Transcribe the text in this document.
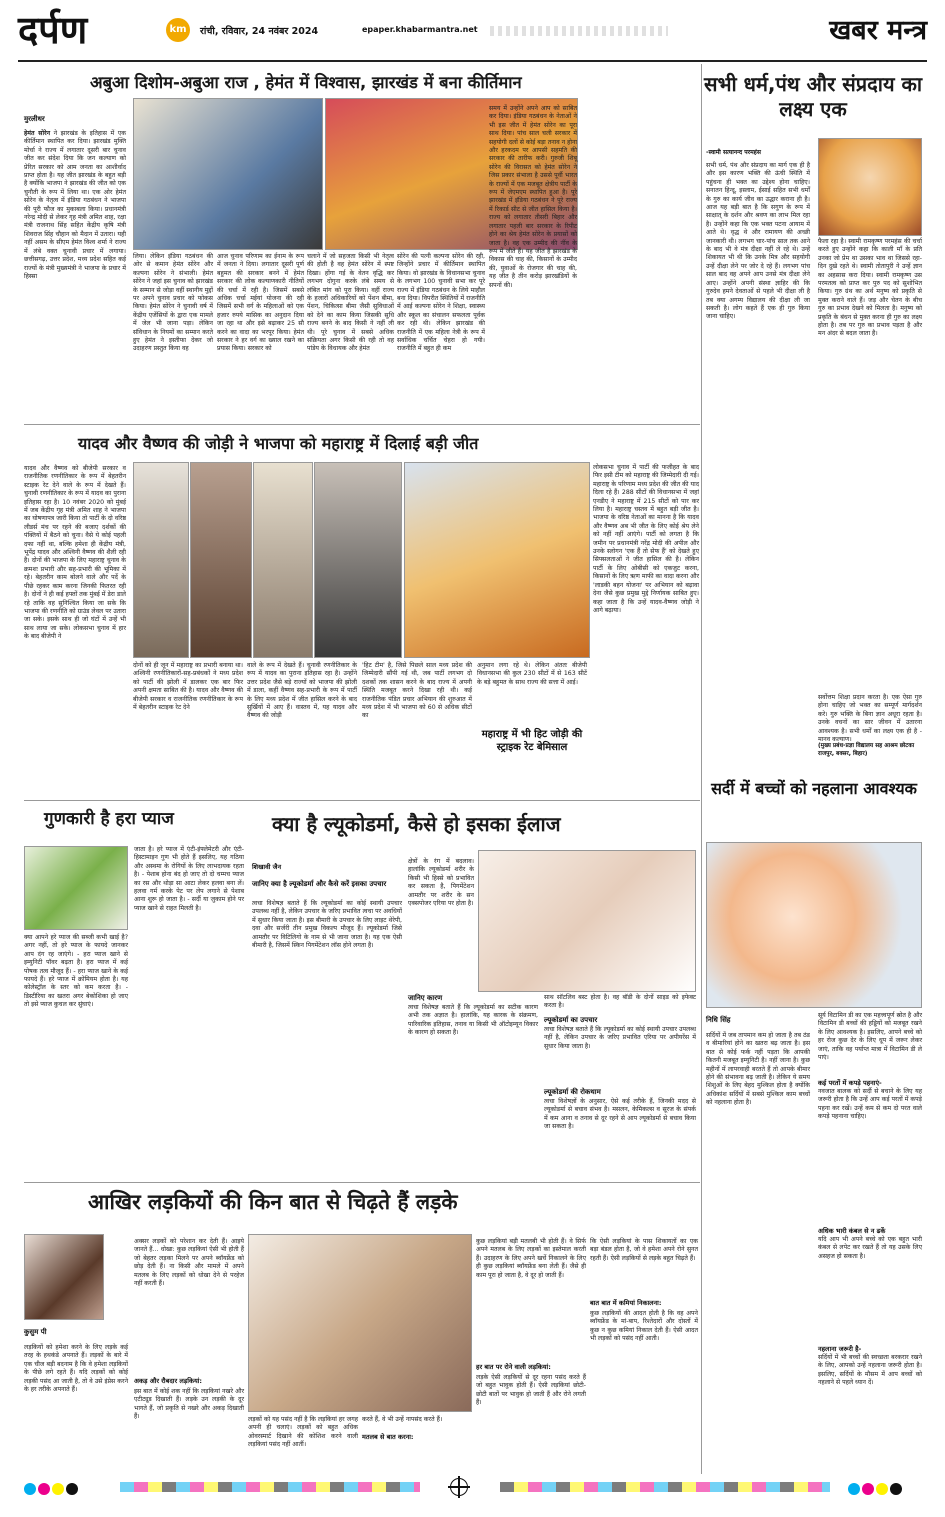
दर्पण	km	रांची, रविवार, 24 नवंबर 2024	epaper.khabarmantra.net	खबर मन्त्र
अबुआ दिशोम-अबुआ राज , हेमंत में विश्वास, झारखंड में बना कीर्तिमान
मुरलीधर
हेमंत सोरेन ने झारखंड के इतिहास में एक कीर्तिमान स्थापित कर दिया। झारखंड मुक्ति मोर्चा ने राज्य में लगातार दूसरी बार चुनाव जीत कर संदेश दिया कि जन कल्याण को प्रेरित सरकार को आम जनता का आशीर्वाद प्राप्त होता है। यह जीत झारखंड के बहुत बड़ी है क्योंकि भाजपा ने झारखंड की जीत को एक चुनौती के रूप में लिया था। एक ओर हेमंत सोरेन के नेतृत्व में इंडिया गठबंधन ने भाजपा की पूरी फौज का मुकाबला किया। प्रधानमंत्री नरेन्द्र मोदी से लेकर गृह मंत्री अमित शाह, रक्षा मंत्री राजनाथ सिंह सहित केंद्रीय कृषि मंत्री शिवराज सिंह चौहान को मैदान में उतारा। यही नहीं असम के सीएम हेमंत विश्व शर्मा ने राज्य में लंबे वक्त चुनावी प्रचार में लगाया। छत्तीसगढ़, उत्तर प्रदेश, मध्य प्रदेश सहित कई राज्यों के मंत्री मुख्यमंत्री ने भाजपा के प्रचार में हिस्सा
लिया। लेकिन इंडिया गठबंधन की ओर से कमान हेमंत सोरेन और कल्पना सोरेन ने संभाली। हेमंत सोरेन ने जहां इस चुनाव को झारखंड के सम्मान से जोड़ा वहीं स्थानीय मुद्दों पर अपने चुनाव प्रचार को फोकस किया। हेमंत सोरेन ने चुनावी वर्ष में केंद्रीय एजेंसियों के द्वारा एक मामले में जेल भी जाना पड़ा। लेकिन संविधान के नियमों का सम्मान करते हुए हेमंत ने इस्तीफा देकर जो उदाहरण प्रस्तुत किया वह
आज चुनाव परिणाम का ईनाम के रूप में जनता ने दिया। लगातार दूसरी पूर्ण बहुमत की सरकार बनने में हेमंत सरकार की लोक कल्याणकारी नीतियों की चर्चा में रही है। जिसमें सबसे अधिक चर्चा मईयां योजना की रही जिसमें सभी वर्ग के महिलाओं को एक हजार रुपये मासिक का अनुदान दिया जा रहा था और इसे बढ़ाकर 25 सौ करने का वादा का भरपूर किया। हेमंत सरकार ने हर वर्ग का ख्याल रखने का प्रयास किया। सरकार को
चलाने में जो सहजता किसी भी नेतृत्व की होती है वह हेमंत सोरेन में स्पष्ट दिखा। होंगा गई के वेतन वृद्धि कर लगभग दोगुना करके लंबे समय से लंबित मांग को पूरा किया। वहीं राज्य के हजारों अधिकारियों को पेंशन बीमा, पेंशन, चिकित्सा बीमा जैसी सुविधाओं को देने का काम किया जिसकी सुधि राज्य बनने के बाद किसी ने नहीं ली थी। पूरे चुनाव में सबसे अधिक संक्रियता अगर किसी की रही तो वह पांडेय के विधायक और हेमंत
सोरेन की पत्नी कल्पना सोरेन की रही, जिन्होंने प्रचार में कीर्तिमान स्थापित किया। वो झारखंड के विधानसभा चुनाव के लगभग 100 चुनावी सभा कर पूरे राज्य में इंडिया गठबंधन के लिये माहौल बना दिया। विपरीत स्थितियों में राजनीति में आई कल्पना सोरेन ने शिक्षा, स्वास्थ्य और स्कूल का संचालन सफलता पूर्वक कर रही थी। लेकिन झारखंड की राजनीति में एक महिला नेत्री के रूप में सर्वाधिक चर्चित चेहरा हो गयी। राजनीति में बहुत ही कम
समय में उन्होंने अपने आप को साबित कर दिया। इंडिया गठबंधन के नेताओं ने भी इस जीत में हेमंत सोरेन का पूरा साथ दिया। पांच साल चली सरकार में सहयोगी दलों से कोई बड़ा तनाव न होना और हरकदम पर आपसी सहमति की सरकार की तारीफ करी। गुरुजी शिबू सोरेन की विरासत को हेमंत सोरेन ने जिस प्रकार संभाला है उससे पूर्वी भारत के राज्यों में एक मजबूत क्षेत्रीय पार्टी के रूप में जेएमएम स्थापित हुआ है। पूरे झारखंड में इंडिया गठबंधन ने पूरे राज्य में रिकार्ड सीट से जीत हासिल किया है। राज्य को लगातार तीसरी बिहार और लगातार पहली बार सरकार के रिपीट होने का श्रेय हेमंत सोरेन के प्रयासों को जाता है। वह एक उम्मीद की नींव के रूप में जीते हैं। यह जीत है झारखंड के विकास की चाह की, किसानों के उम्मीद की, युवाओं के रोजगार की चाह की, यह जीत है तीन करोड़ झारखंडियों के सपनों की।
सभी धर्म,पंथ और संप्रदाय का लक्ष्य एक
-स्वामी सत्यानन्द परमहंस
सभी धर्म, पंथ और संप्रदाय का मार्ग एक ही है और इस कारण भक्ति की ऊंची स्थिति में पहुंचना ही भक्त का उद्देश्य होना चाहिए। सनातन हिन्दू, इस्लाम, ईसाई सहित सभी धर्मों के गुरु का कार्य जीव का उद्धार कराना ही है। आज यह बड़ी बात है कि सगुण के रूप में साक्षात् के दर्शन और श्रवण का लाभ मिल रहा है। उन्होंने कहा कि एक भक्त पटना आयाम में आते थे। वृद्ध थे और रामायण की अच्छी जानकारी थी। लगभग चार-पांच साल तक आने के बाद भी वे मंत्र दीक्षा नहीं ले रहे थे। उन्हें शिकायत भी थी कि उनके मित्र और सहयोगी उन्हें दीक्षा लेने पर जोर दे रहे हैं। लगभग पांच साल बाद वह अपने आप उनसे मंत्र दीक्षा लेने आए। उन्होंने अपनी संस्था ज्ञाहिर की कि गुरुदेव हमने देवताओं से पहले भी दीक्षा ली है तब क्या अगम्य विद्यालय की दीक्षा ली जा सकती है। लोग कहते हैं एक ही गुरु किया जाना चाहिए।
फैला रहा है। स्वामी रामकृष्ण परमहंस की चर्चा करते हुए उन्होंने कहा कि काली माँ के प्रति उनका जो प्रेम था उसका भाव था जिससे रहा-दिन दुखे रहते थे। स्वामी तोतापुरी ने उन्हें ज्ञान का अहसास करा दिया। स्वामी रामकृष्ण उस परमतत्व को प्राप्त कर पुरु पद को सुशोभित किया। गुरु ग्रंथ का अर्थ मनुष्य को प्रकृति से मुक्त कराने वाले हैं। जड़ और चेतन के बीच गुरु का प्रभाव देखने को मिलता है। मनुष्य को प्रकृति के बंधन से मुक्त करना ही गुरु का लक्ष्य होता है। तब पर गुरु का प्रभाव पड़ता है और मन अंदर से बदल जाता है।
यादव और वैष्णव की जोड़ी ने भाजपा को महाराष्ट्र में दिलाई बड़ी जीत
यादव और वैष्णव को बीजेपी सरकार व राजनीतिक रणनीतिकार के रूप में बेहतरीन स्टाइक रेट देने वाले के रूप में देखते हैं। चुनावी रणनीतिकार के रूप में यादव का पुराना इतिहास रहा है। 10 नवंबर 2020 को मुंबई में जब केंद्रीय गृह मंत्री अमित शाह ने भाजपा का घोषणापत्र जारी किया तो पार्टी के दो वरिष्ठ लीडर्स मंच पर रहने की बजाए दर्शकों की पंक्तियों में बैठने को चुना। वैसे ये कोई पहली दफा नहीं था, बल्कि हमेशा ही केंद्रीय मंत्री, भूपेंद्र यादव और अश्विनी वैष्णव की शैली रही है। दोनों की भाजपा के लिए महाराष्ट्र चुनाव के क्रमशः प्रभारी और सह-प्रभारी की भूमिका में रहे। बेहतरीन काम बोलने वाले और पर्दे के पीछे रहकर काम करना जिनकी फितरत रही है। दोनों ने ही कई हफ्तों तक मुंबई में डेरा डाले रहे ताकि वह सुनिश्चित किया जा सके कि भाजपा की रणनीति को ग्राउंड लेवल पर उतारा जा सके। इसके साथ ही जो घंटों में उन्हें भी साथ लाया जा सके। लोकसभा चुनाव में हार के बाद बीजेपी ने
दोनों को ही जून में महाराष्ट्र का प्रभारी बनाया था। अश्विनी रणनीतिकारों-सह-प्रबंधकों ने मध्य प्रदेश को पार्टी की झोली में डालकर एक बार फिर अपनी क्षमता साबित की है। यादव और वैष्णव की बीजेपी सरकार व राजनीतिक रणनीतिकार के रूप में बेहतरीन स्टाइक रेट देने
वाले के रूप में देखते हैं। चुनावी रणनीतिकार के रूप में यादव का पुराना इतिहास रहा है। उन्होंने उत्तर प्रदेश जैसे बड़े राज्यों को भाजपा की झोली में डाला, कहीं वैष्णव सह-प्रभारी के रूप में पार्टी के लिए मध्य प्रदेश में जीत हासिल करने के बाद सुर्खियों में आए हैं। वास्तव में, यह यादव और वैष्णव की जोड़ी
'हिट टीम' है, जिसे पिछले साल मध्य प्रदेश की जिम्मेदारी सौंपी गई थी, जब पार्टी लगभग दो दशकों तक शासन करने के बाद राज्य में अपनी स्थिति मजबूत करने दिखा रही थी। कई राजनीतिक पंडित प्रचार अभियान की शुरुआत में मध्य प्रदेश में भी भाजपा को 60 से अधिक सीटों का
अनुमान लगा रहे थे। लेकिन अंततः बीजेपी विधानसभा की कुल 230 सीटों में से 163 सीटें के बड़े बहुमत के साथ राज्य की सत्ता में आई।
महाराष्ट्र में भी हिट जोड़ी की स्ट्राइक रेट बेमिसाल
लोकसभा चुनाव में पार्टी की फजीहत के बाद फिर इसी टीम को महाराष्ट्र की जिम्मेदारी दी गई। महाराष्ट्र के परिणाम मध्य प्रदेश की जीत की याद दिला रहे हैं। 288 सीटों की विधानसभा में जहां एनडीए ने महाराष्ट्र में 215 सीटों को पार कर लिया है। महाराष्ट्र चस्तव में बहुत बड़ी जीत है। भाजपा के वरिष्ठ नेताओं का मानना है कि यादव और वैष्णव अब भी जीत के लिए कोई श्रेय लेने को नहीं नहीं आएंगे। पार्टी को लगता है कि जमीन पर प्रधानमंत्री नरेंद्र मोदी की अपील और उनके स्लोगन 'एक हैं तो सेफ हैं' को देखते हुए सिफ्सलताओं ने जीत हासिल की है। लेकिन पार्टी के लिए ओबीसी को एकजुट करना, किसानों के लिए ऋण माफी का वादा करना और 'लाडकी बहन योजना' पर अभियान को बढ़ावा देना जैसे कुछ प्रमुख मुद्दे निर्णायक साबित हुए। कहा जाता है कि उन्हें यादव-वैष्णव जोड़ी ने आगे बढ़ाया।
सर्वोत्तम शिक्षा प्रदान करता है। एक ऐसा गुरु होना चाहिए जो भक्त का सम्पूर्ण मार्गदर्शन करे। गुरु भक्ति के बिना ज्ञान अधूरा रहता है। उनके वचनों का सार जीवन में उतारना आवश्यक है। सभी धर्मों का लक्ष्य एक ही है - मानव कल्याण।
(मुख्य प्रबंध-प्रज्ञा विद्यालय सह आश्रम छोटका राजपुर, बक्सर, बिहार)
गुणकारी है हरा प्याज
क्या आपने हरे प्याज की सब्जी कभी खाई है? अगर नहीं, तो हरे प्याज के फायदे जानकर आप दंग रह जाएंगे। - हरा प्याज खाने से इम्युनिटी पॉवर बढ़ता है। हरा प्याज में कई पोषक तत्व मौजूद हैं। - हरा प्याज खाने के कई फायदे हैं। हरे प्याज में क्रोमियम होता है। यह कोलेस्ट्रॉल के स्तर को कम करता है। - डिस्टीरिया का खतरा अगर बेकोशिका हो जाए तो इसे प्याज कुचल कर सुंघाएं।
जाता है। हरे प्याज में एंटी-इंफ्लेमेटरी और एंटी-हिस्टामाइन गुण भी होते हैं इसलिए, यह गठिया और अस्थमा के रोगियों के लिए लाभदायक रहता है। - पेशाब होना बंद हो जाए तो दो चम्मच प्याज का रस और थोड़ा सा आटा लेकर हलवा बना लें। हलवा गर्म करके पेट पर लेप लगाने से पेशाब आना शुरू हो जाता है। - सर्दी या जुकाम होने पर प्याज खाने से राहत मिलती है।
क्या है ल्यूकोडर्मा, कैसे हो इसका ईलाज
शिखावी जैन
जानिए क्या है ल्यूकोडर्मा और कैसे करें इसका उपचार
त्वचा विशेषज्ञ बताते हैं कि ल्यूकोडर्मा का कोई स्थायी उपचार उपलब्ध नहीं है, लेकिन उपचार के जरिए प्रभावित त्वचा पर अवधियों में सुधार किया जाता है। इस बीमारी के उपचार के लिए लाइट थेरेपी, दवा और सर्जरी तीन प्रमुख विकल्प मौजूद हैं। ल्यूकोडर्मा जिसे आमतौर पर विटिलिगो के नाम से भी जाना जाता है। यह एक ऐसी बीमारी है, जिसमें स्किन पिगमेंटेशन लॉस होने लगता है।
क्षेत्रों के रंग में बदलाव। हालांकि ल्यूकोडर्मा शरीर के किसी भी हिस्से को प्रभावित कर सकता है, पिगमेंटेशन आमतौर पर शरीर के सन एक्सपोजर एरिया पर होता है।
जानिए कारण
त्वचा विशेषज्ञ बताते हैं कि ल्यूकोडर्मा का सटीक कारण अभी तक अज्ञात है। हालांकि, यह कारक के संक्रमण, पारिवारिक इतिहास, तनाव या किसी भी ऑटोइम्यून विकार के कारण हो सकता है।
साथ सॉटलिव बस्ट होता है। वह बॉडी के दोनों साइड को इफेक्ट करता है।
ल्यूकोडर्मा का उपचार
त्वचा विशेषज्ञ बताते हैं कि ल्यूकोडर्मा का कोई स्थायी उपचार उपलब्ध नहीं है, लेकिन उपचार के जरिए प्रभावित एरिया पर अपीयरेंस में सुधार किया जाता है।
ल्यूकोडर्मा की रोकथाम
त्वचा विशेषज्ञों के अनुसार, ऐसे कई तरीके हैं, जिनकी मदद से ल्यूकोडर्मा से बचाव संभव है। मसलन, केमिकल्स व सूरज के संपर्क में कम आना व तनाव से दूर रहने से आप ल्यूकोडर्मा से बचाव किया जा सकता है।
सर्दी में बच्चों को नहलाना आवश्यक
निधि सिंह
सर्दियों में जब तापमान कम हो जाता है तब ठंड व बीमारियां होने का खतरा बढ़ जाता है। इस बात से कोई फर्क नहीं पड़ता कि आपकी कितनी मजबूत इम्युनिटी है। नहीं जाना है। कुछ महीनों में लापरवाही बरतते हैं तो आपके बीमार होने की संभावना बढ़ जाती है। लेकिन ये समय शिशुओं के लिए बेहद मुश्किल होता है क्योंकि अधिकांश सर्दियों में सबसे मुश्किल काम बच्चों को नहलाना होता है।
सूर्य विटामिन डी का एक महत्त्वपूर्ण स्रोत है और विटामिन डी बच्चों की हड्डियों को मजबूत रखने के लिए आवश्यक है। इसलिए, आपने बच्चे को हर रोज कुछ देर के लिए धूप में जरूर लेकर जाएं, ताकि वह पर्याप्त मात्रा में विटामिन डी ले पाएं।
कई परतों में कपड़े पहनाएं-
नवजात बालक को सर्दी से बचाने के लिए यह जरूरी होता है कि उन्हें आप कई परतों में कपड़े पहना कर रखें। उन्हें कम से कम दो परत वाले कपड़े पहनाना चाहिए।
अधिक भारी कंबल से न ढकें
यदि आप भी अपने बच्चे को एक बहुत भारी कंबल से लपेट कर रखते हैं तो यह उसके लिए असहज हो सकता है।
नहलाना जरूरी है-
सर्दियों में भी बच्चों की स्वच्छता बरकरार रखने के लिए, आपको उन्हें नहलाना जरूरी होता है। इसलिए, सर्दियों के मौसम में आप बच्चों को नहलाने से पहले ध्यान दें।
आखिर लड़कियों की किन बात से चिढ़ते हैं लड़के
कुसुम पी
लड़कियों को हमेशा करने के लिए लड़के कई तरह के हथकंडे अपनाते हैं। लड़कों के बारे में एक चीज बड़ी बदनाम है कि वे हमेशा लड़कियों के पीछे लगे रहते हैं। यदि लड़कों को कोई लड़की पसंद आ जाती है, तो वे उसे इंप्रेस करने के हर तरीके अपनाते हैं।
अक्सर लड़कों को परेशान कर देती हैं। आइये जानते हैं... धोखा: कुछ लड़कियां ऐसी भी होती हैं जो बेहतर लड़का मिलने पर अपने ब्वॉयफ्रेंड को छोड़ देती हैं। ना किसी और मामले में अपने मतलब के लिए लड़कों को धोखा देने से परहेज नहीं करती हैं।
अकड़ और रौबदार लड़कियां:
इस बात में कोई शक नहीं कि लड़कियां नखरे और एटीट्यूड दिखाती हैं। लड़के उन लड़की के दूर भागते हैं, जो प्रकृति से नखरे और अकड़ दिखाती हैं।	लड़कों को यह पसंद नहीं है कि लड़कियां हर जगह अपनी ही चलाएं। लड़कों को बहुत अधिक ओवरस्मार्ट दिखाने की कोशिश करने वाली लड़कियां पसंद नहीं आतीं।
करते हैं, वे भी उन्हें नापसंद करते हैं।
मतलब से बात करना:
कुछ लड़कियां बड़ी मतलबी भी होती हैं। वे सिर्फ अपने मतलब के लिए लड़कों का इस्तेमाल करती हैं। उदाहरण के लिए अपने खर्चे निकालने के लिए ही कुछ लड़कियां ब्वॉयफ्रेंड बना लेती हैं। जैसे ही काम पूरा हो जाता है, वे दूर हो जाती हैं।
हर बात पर रोने वाली लड़कियां:
लड़के ऐसी लड़कियों से दूर रहना पसंद करते हैं जो बहुत भावुक होती हैं। ऐसी लड़कियां छोटी-छोटी बातों पर भावुक हो जाती हैं और रोने लगती हैं।
कि ऐसी लड़कियां के पास शिकायतों का एक बड़ा बंडल होता है, जो वे हमेशा अपने रोने सुनत रहती हैं। ऐसी लड़कियों से लड़के बहुत चिढ़ते हैं।
बात बात में कमियां निकालना:
कुछ लड़कियों की आदत होती है कि वह अपने ब्वॉयफ्रेंड के मां-बाप, रिश्तेदारों और दोस्तों में कुछ न कुछ कमियां निकाल देती हैं। ऐसी आदत भी लड़कों को पसंद नहीं आती।
